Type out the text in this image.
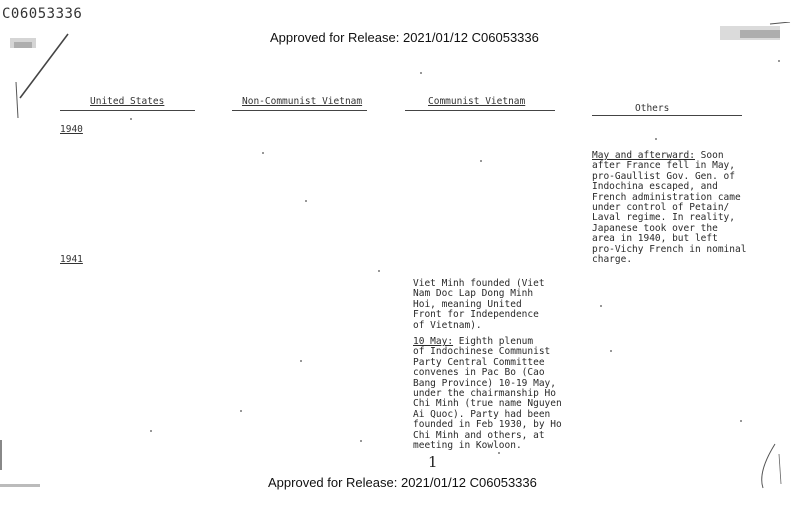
C06053336
Approved for Release: 2021/01/12 C06053336
Approved for Release: 2021/01/12 C06053336
United States	Non-Communist Vietnam	Communist Vietnam
Others
1940
1941
May and afterward: Soon
after France fell in May,
pro-Gaullist Gov. Gen. of
Indochina escaped, and
French administration came
under control of Petain/
Laval regime. In reality,
Japanese took over the
area in 1940, but left
pro-Vichy French in nominal
charge.
Viet Minh founded (Viet
Nam Doc Lap Dong Minh
Hoi, meaning United
Front for Independence
of Vietnam).
10 May: Eighth plenum
of Indochinese Communist
Party Central Committee
convenes in Pac Bo (Cao
Bang Province) 10-19 May,
under the chairmanship Ho
Chi Minh (true name Nguyen
Ai Quoc). Party had been
founded in Feb 1930, by Ho
Chi Minh and others, at
meeting in Kowloon.
1
